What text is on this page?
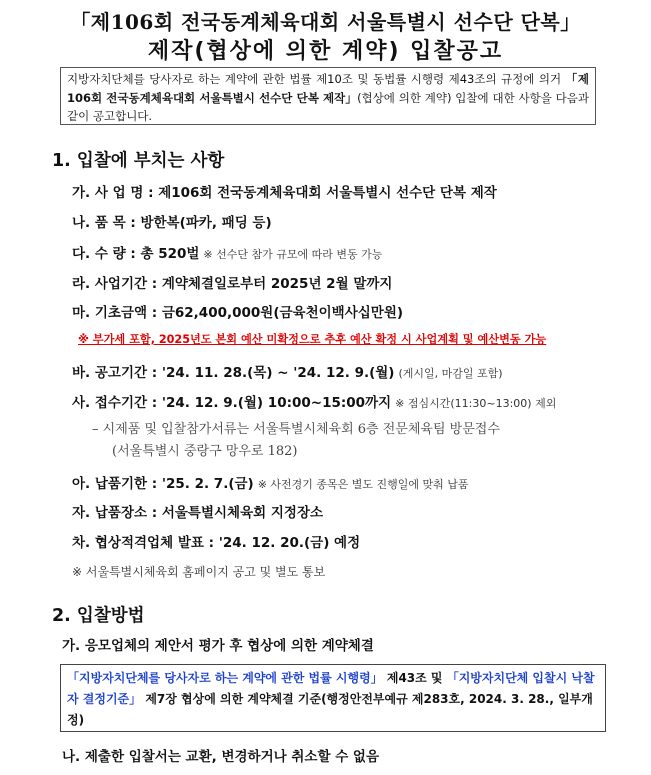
「제106회 전국동계체육대회 서울특별시 선수단 단복」
제작(협상에 의한 계약) 입찰공고
지방자치단체를 당사자로 하는 계약에 관한 법률 제10조 및 동법률 시행령 제43조의 규정에 의거 「제106회 전국동계체육대회 서울특별시 선수단 단복 제작」(협상에 의한 계약) 입찰에 대한 사항을 다음과 같이 공고합니다.
1. 입찰에 부치는 사항
가. 사 업 명 : 제106회 전국동계체육대회 서울특별시 선수단 단복 제작
나. 품 목 : 방한복(파카, 패딩 등)
다. 수 량 : 총 520벌 ※ 선수단 참가 규모에 따라 변동 가능
라. 사업기간 : 계약체결일로부터 2025년 2월 말까지
마. 기초금액 : 금62,400,000원(금육천이백사십만원)
※ 부가세 포함, 2025년도 본회 예산 미확정으로 추후 예산 확정 시 사업계획 및 예산변동 가능
바. 공고기간 : '24. 11. 28.(목) ~ '24. 12. 9.(월) (게시일, 마감일 포함)
사. 접수기간 : '24. 12. 9.(월) 10:00~15:00까지 ※ 점심시간(11:30~13:00) 제외
– 시제품 및 입찰참가서류는 서울특별시체육회 6층 전문체육팀 방문접수
(서울특별시 중랑구 망우로 182)
아. 납품기한 : '25. 2. 7.(금) ※ 사전경기 종목은 별도 진행일에 맞춰 납품
자. 납품장소 : 서울특별시체육회 지정장소
차. 협상적격업체 발표 : '24. 12. 20.(금) 예정
※ 서울특별시체육회 홈페이지 공고 및 별도 통보
2. 입찰방법
가. 응모업체의 제안서 평가 후 협상에 의한 계약체결
「지방자치단체를 당사자로 하는 계약에 관한 법률 시행령」 제43조 및 「지방자치단체 입찰시 낙찰자 결정기준」 제7장 협상에 의한 계약체결 기준(행정안전부예규 제283호, 2024. 3. 28., 일부개정)
나. 제출한 입찰서는 교환, 변경하거나 취소할 수 없음
